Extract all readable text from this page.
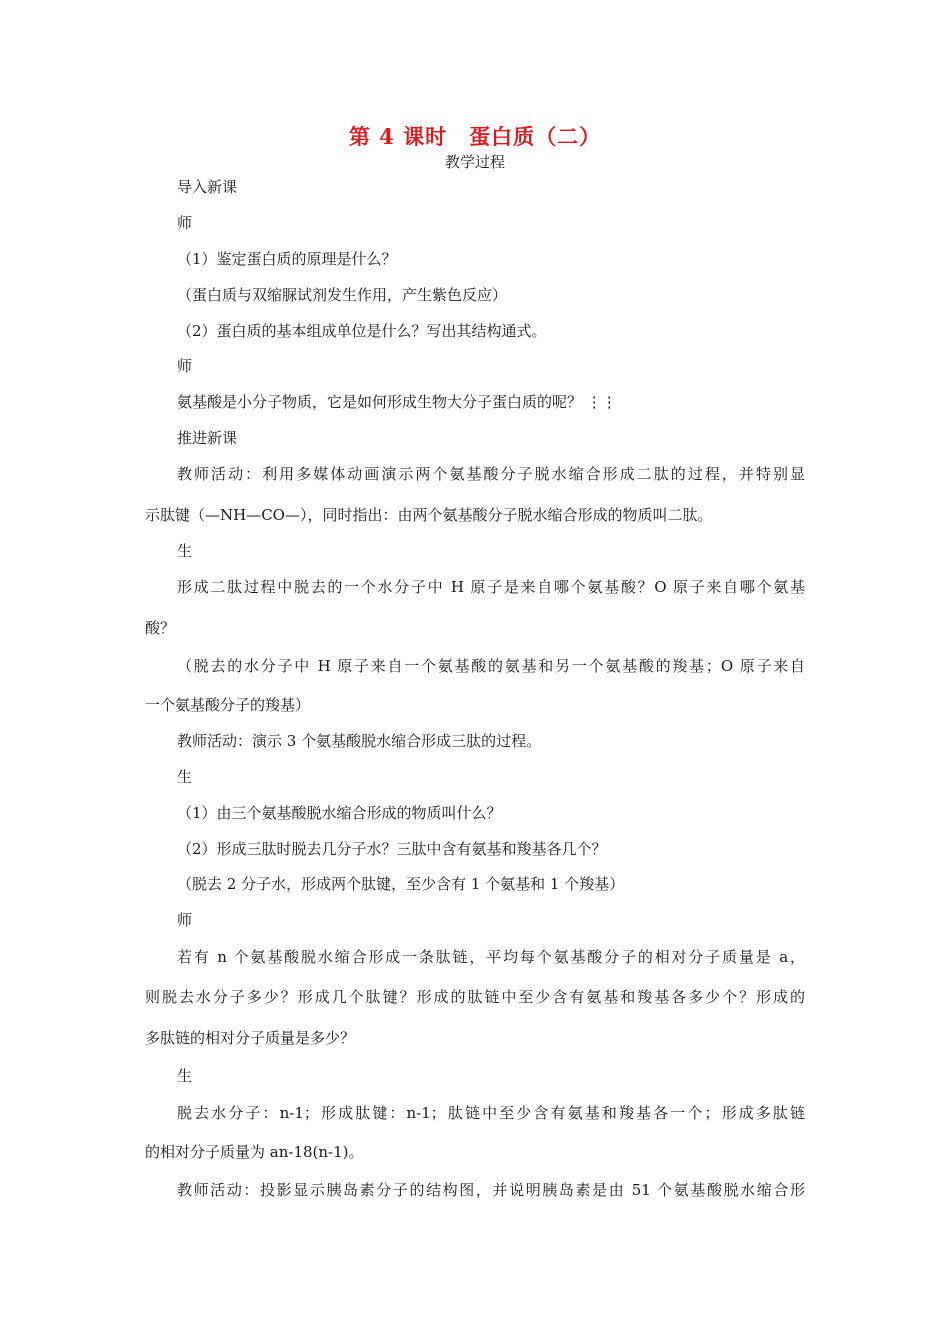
第 4 课时　蛋白质（二）
教学过程
导入新课
师
（1）鉴定蛋白质的原理是什么？
（蛋白质与双缩脲试剂发生作用，产生紫色反应）
（2）蛋白质的基本组成单位是什么？写出其结构通式。
师
氨基酸是小分子物质，它是如何形成生物大分子蛋白质的呢？ ⋮⋮
推进新课
教师活动：利用多媒体动画演示两个氨基酸分子脱水缩合形成二肽的过程，并特别显
示肽键（—NH—CO—），同时指出：由两个氨基酸分子脱水缩合形成的物质叫二肽。
生
形成二肽过程中脱去的一个水分子中 H 原子是来自哪个氨基酸？O 原子来自哪个氨基
酸？
（脱去的水分子中 H 原子来自一个氨基酸的氨基和另一个氨基酸的羧基；O 原子来自
一个氨基酸分子的羧基）
教师活动：演示 3 个氨基酸脱水缩合形成三肽的过程。
生
（1）由三个氨基酸脱水缩合形成的物质叫什么？
（2）形成三肽时脱去几分子水？三肽中含有氨基和羧基各几个？
（脱去 2 分子水，形成两个肽键，至少含有 1 个氨基和 1 个羧基）
师
若有 n 个氨基酸脱水缩合形成一条肽链，平均每个氨基酸分子的相对分子质量是 a，
则脱去水分子多少？形成几个肽键？形成的肽链中至少含有氨基和羧基各多少个？形成的
多肽链的相对分子质量是多少？
生
脱去水分子：n-1；形成肽键：n-1；肽链中至少含有氨基和羧基各一个；形成多肽链
的相对分子质量为 an-18(n-1)。
教师活动：投影显示胰岛素分子的结构图，并说明胰岛素是由 51 个氨基酸脱水缩合形
